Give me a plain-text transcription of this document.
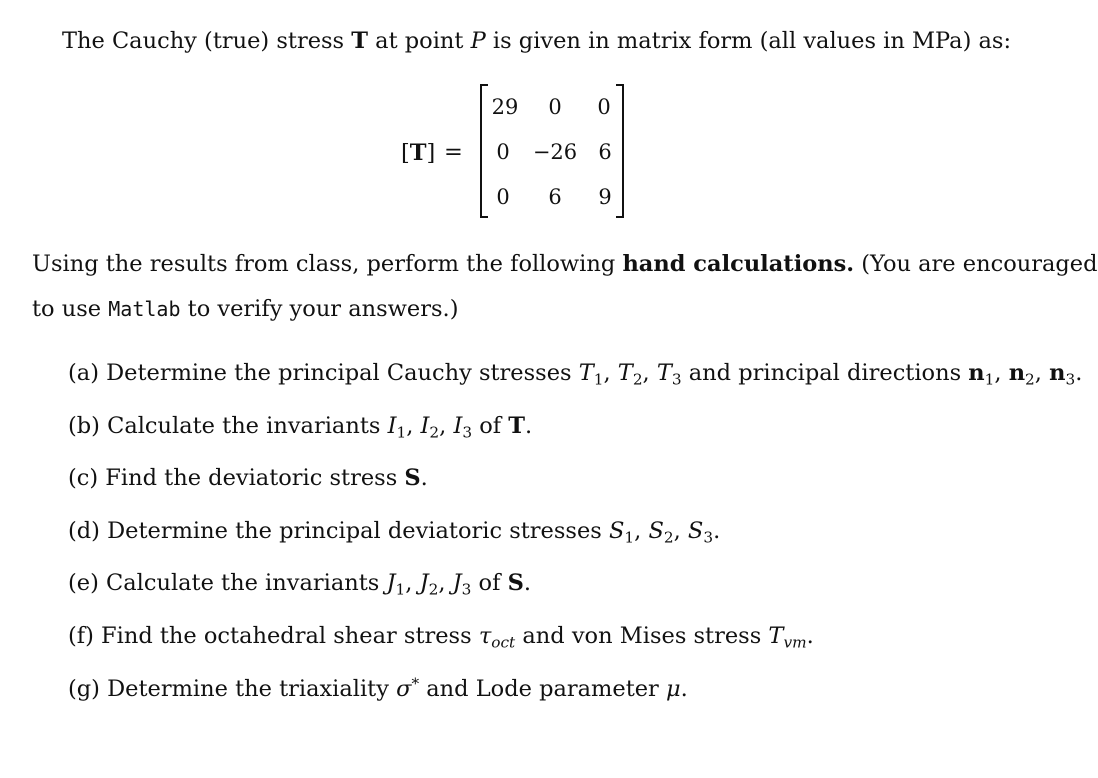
The Cauchy (true) stress T at point P is given in matrix form (all values in MPa) as:
[T] =
29	0	0
0	−26	6
0	6	9
Using the results from class, perform the following hand calculations. (You are encouraged
to use Matlab to verify your answers.)
(a) Determine the principal Cauchy stresses $T_1$, $T_2$, $T_3$ and principal directions $n_1$, $n_2$, $n_3$.
(b) Calculate the invariants $I_1$, $I_2$, $I_3$ of T.
(c) Find the deviatoric stress S.
(d) Determine the principal deviatoric stresses $S_1$, $S_2$, $S_3$.
(e) Calculate the invariants $J_1$, $J_2$, $J_3$ of S.
(f) Find the octahedral shear stress $\tau_{oct}$ and von Mises stress $T_{vm}$.
(g) Determine the triaxiality σ* and Lode parameter μ.
